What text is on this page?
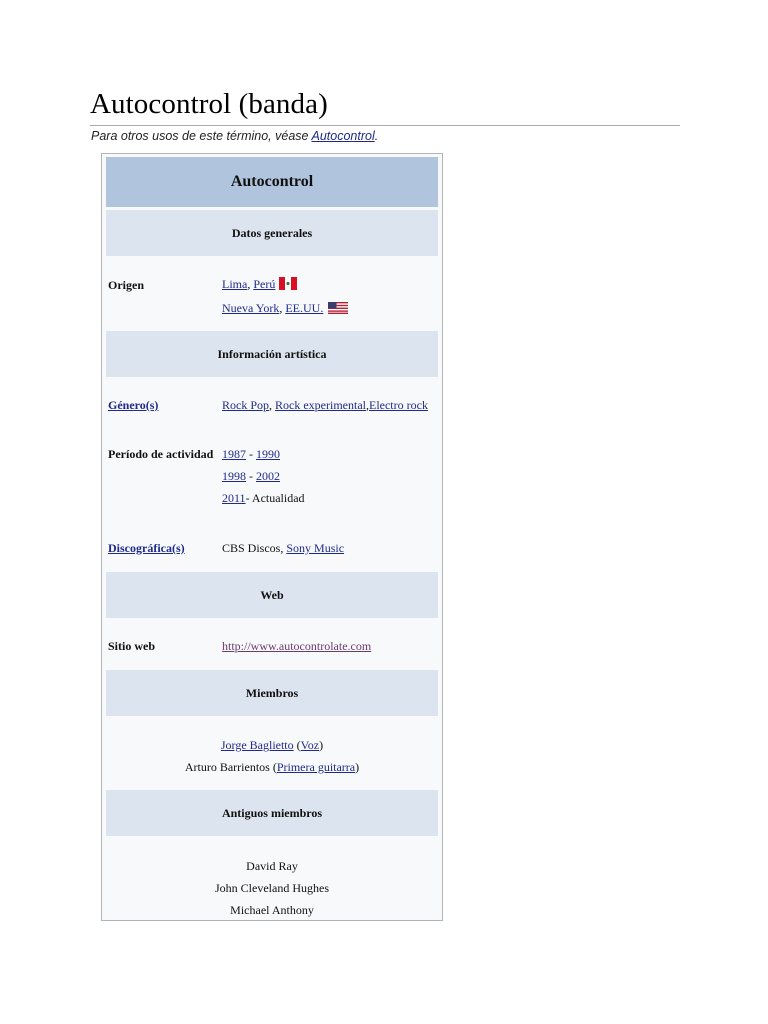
Autocontrol (banda)
Para otros usos de este término, véase Autocontrol.
Autocontrol
Datos generales
Origen	Lima, Perú
Nueva York, EE.UU.
Información artística
Género(s)	Rock Pop, Rock experimental,Electro rock
Período de actividad 1987 - 1990
1998 - 2002
2011- Actualidad
Discográfica(s)	CBS Discos, Sony Music
Web
Sitio web	http://www.autocontrolate.com
Miembros
Jorge Baglietto (Voz)
Arturo Barrientos (Primera guitarra)
Antiguos miembros
David Ray
John Cleveland Hughes
Michael Anthony
